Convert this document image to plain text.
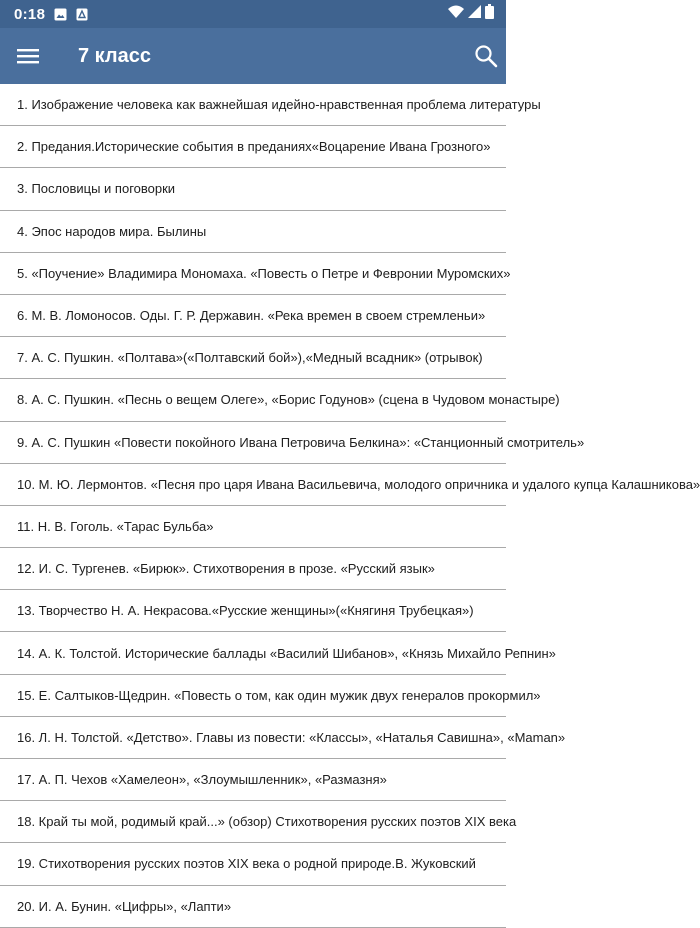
0:18
7 класс
1. Изображение человека как важнейшая идейно-нравственная проблема литературы
2. Предания.Исторические события в преданиях«Воцарение Ивана Грозного»
3. Пословицы и поговорки
4. Эпос народов мира. Былины
5. «Поучение» Владимира Мономаха. «Повесть о Петре и Февронии Муромских»
6. М. В. Ломоносов. Оды. Г. Р. Державин. «Река времен в своем стремленьи»
7. А. С. Пушкин. «Полтава»(«Полтавский бой»),«Медный всадник» (отрывок)
8. А. С. Пушкин. «Песнь о вещем Олеге», «Борис Годунов» (сцена в Чудовом монастыре)
9. А. С. Пушкин «Повести покойного Ивана Петровича Белкина»: «Станционный смотритель»
10. М. Ю. Лермонтов. «Песня про царя Ивана Васильевича, молодого опричника и удалого купца Калашникова»
11. Н. В. Гоголь. «Тарас Бульба»
12. И. С. Тургенев. «Бирюк». Стихотворения в прозе. «Русский язык»
13. Творчество Н. А. Некрасова.«Русские женщины»(«Княгиня Трубецкая»)
14. А. К. Толстой. Исторические баллады «Василий Шибанов», «Князь Михайло Репнин»
15. Е. Салтыков-Щедрин. «Повесть о том, как один мужик двух генералов прокормил»
16. Л. Н. Толстой. «Детство». Главы из повести: «Классы», «Наталья Савишна», «Maman»
17. А. П. Чехов «Хамелеон», «Злоумышленник», «Размазня»
18. Край ты мой, родимый край...» (обзор) Стихотворения русских поэтов XIX века
19. Стихотворения русских поэтов XIX века о родной природе.В. Жуковский
20. И. А. Бунин. «Цифры», «Лапти»
